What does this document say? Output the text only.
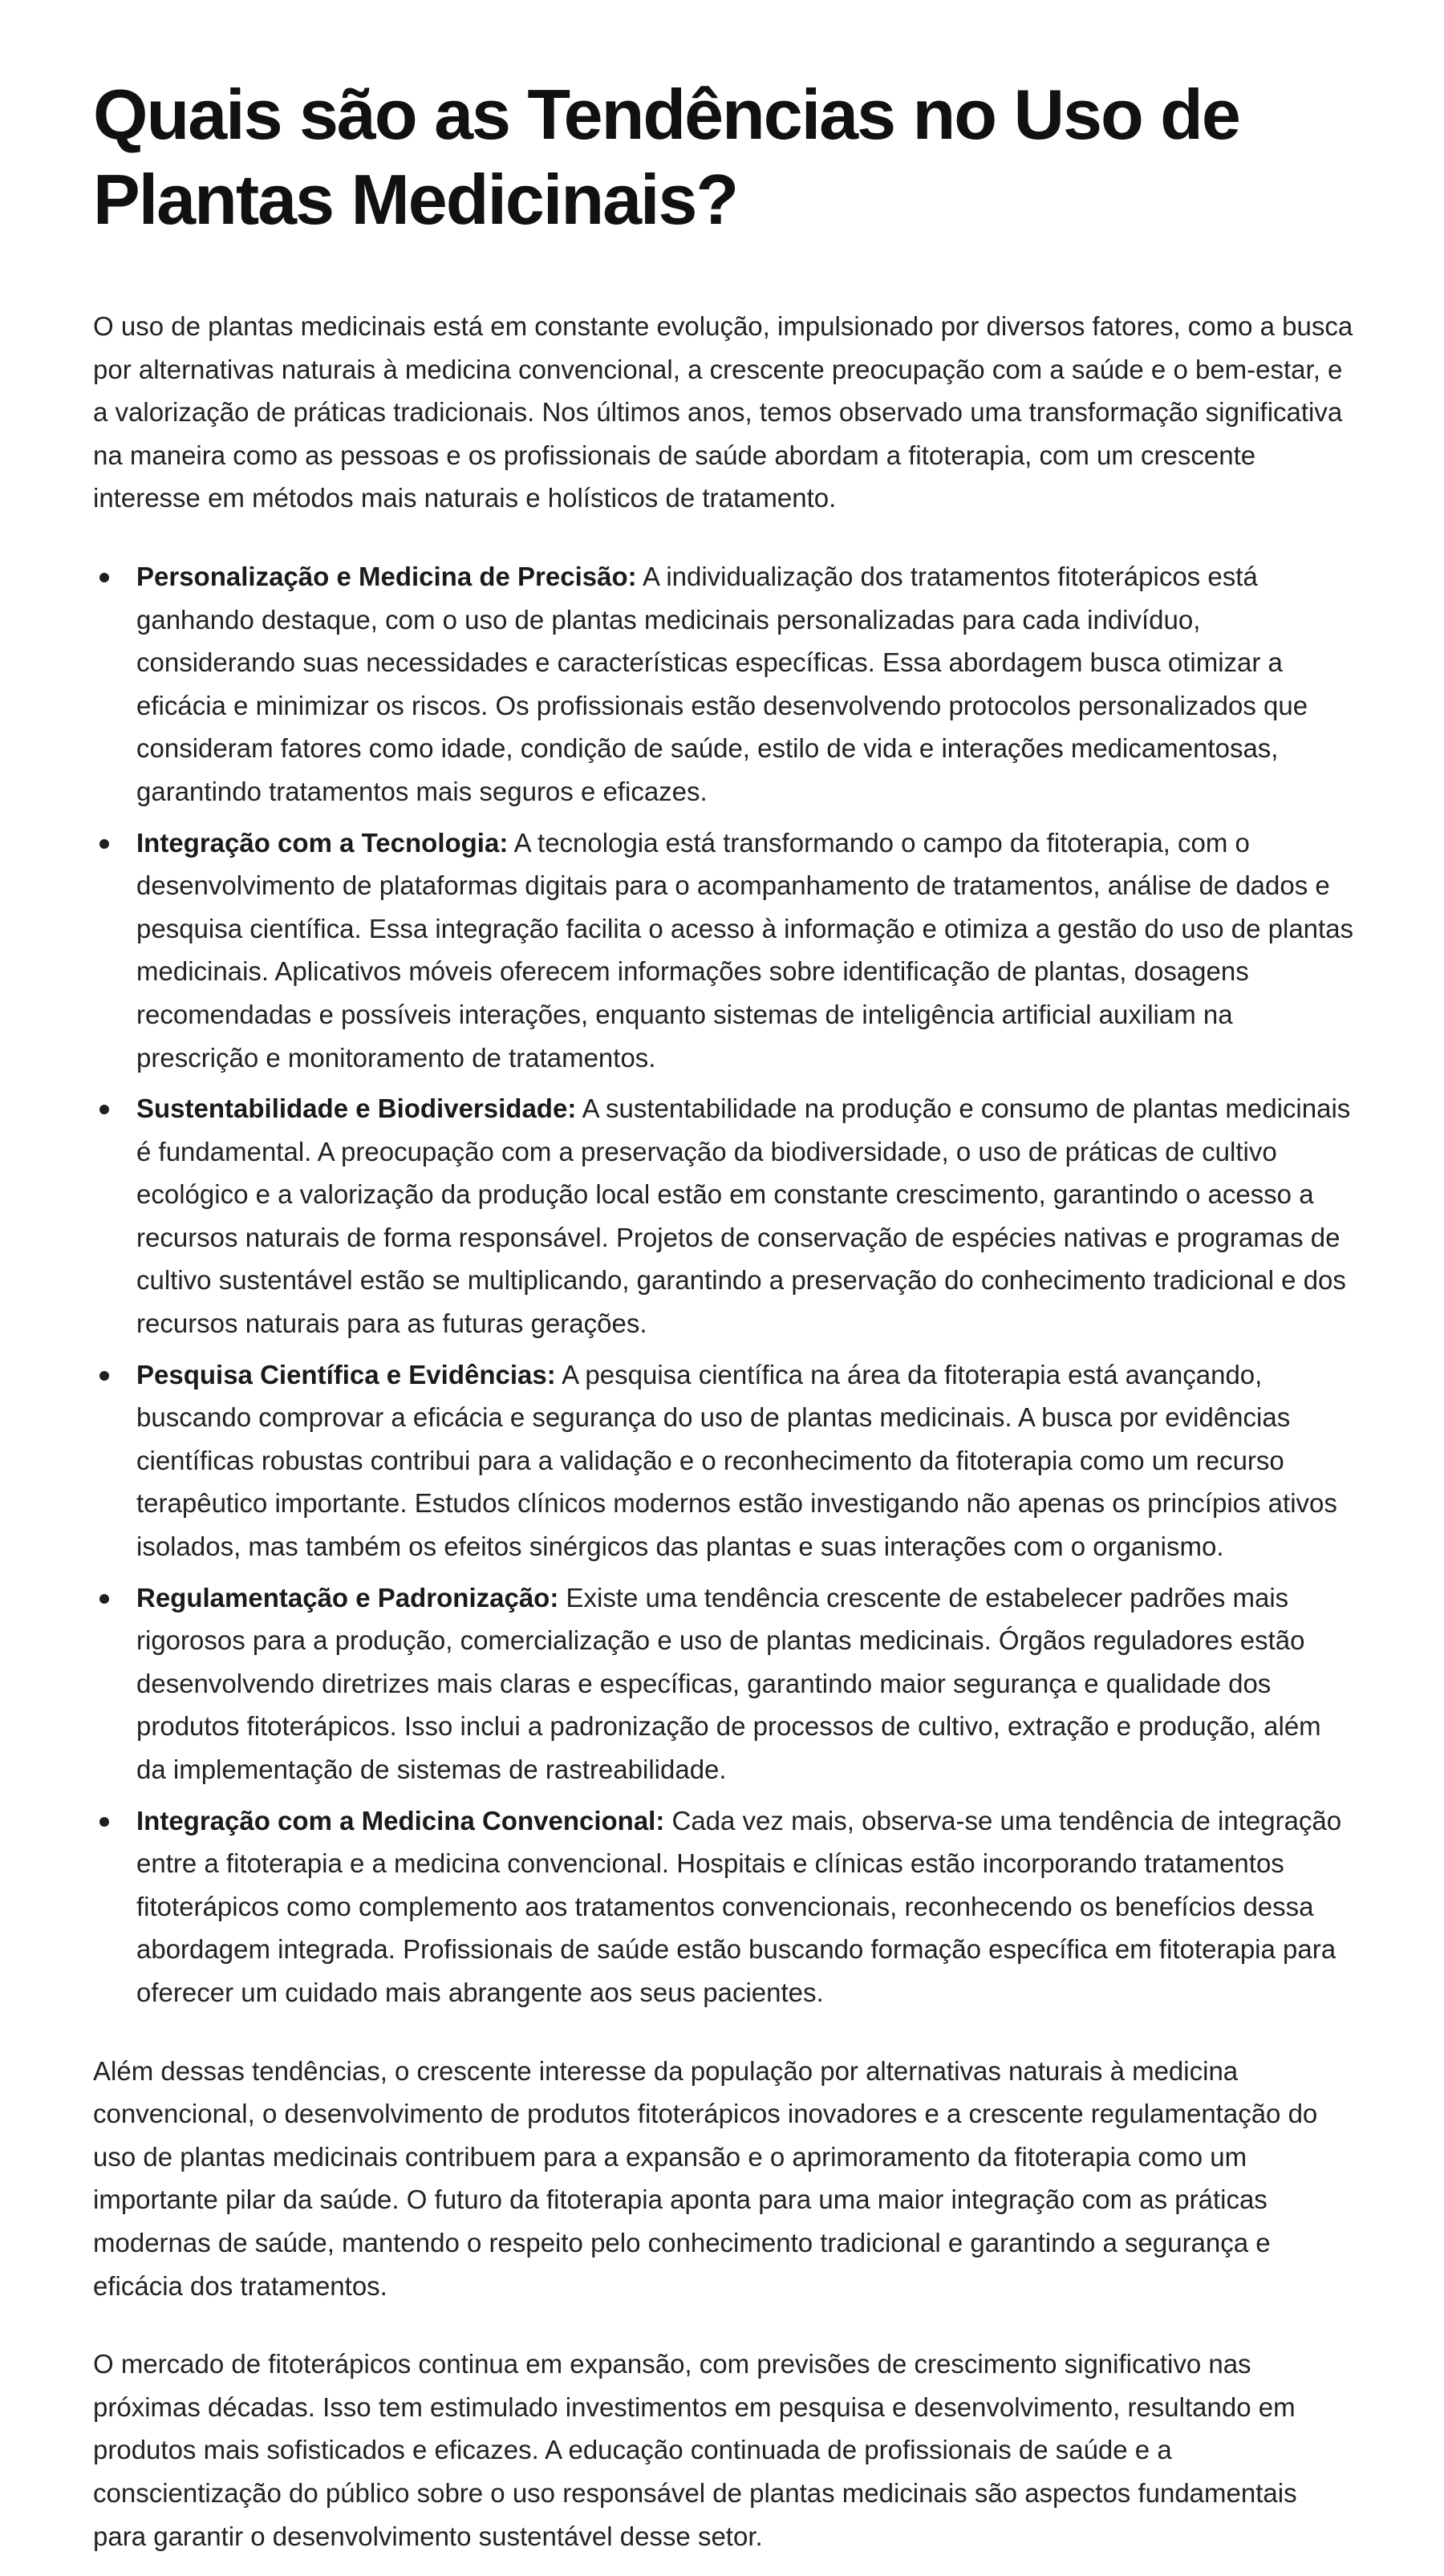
Quais são as Tendências no Uso de Plantas Medicinais?

O uso de plantas medicinais está em constante evolução, impulsionado por diversos fatores, como a busca por alternativas naturais à medicina convencional, a crescente preocupação com a saúde e o bem-estar, e a valorização de práticas tradicionais. Nos últimos anos, temos observado uma transformação significativa na maneira como as pessoas e os profissionais de saúde abordam a fitoterapia, com um crescente interesse em métodos mais naturais e holísticos de tratamento.

Personalização e Medicina de Precisão: A individualização dos tratamentos fitoterápicos está ganhando destaque, com o uso de plantas medicinais personalizadas para cada indivíduo, considerando suas necessidades e características específicas. Essa abordagem busca otimizar a eficácia e minimizar os riscos. Os profissionais estão desenvolvendo protocolos personalizados que consideram fatores como idade, condição de saúde, estilo de vida e interações medicamentosas, garantindo tratamentos mais seguros e eficazes.
Integração com a Tecnologia: A tecnologia está transformando o campo da fitoterapia, com o desenvolvimento de plataformas digitais para o acompanhamento de tratamentos, análise de dados e pesquisa científica. Essa integração facilita o acesso à informação e otimiza a gestão do uso de plantas medicinais. Aplicativos móveis oferecem informações sobre identificação de plantas, dosagens recomendadas e possíveis interações, enquanto sistemas de inteligência artificial auxiliam na prescrição e monitoramento de tratamentos.
Sustentabilidade e Biodiversidade: A sustentabilidade na produção e consumo de plantas medicinais é fundamental. A preocupação com a preservação da biodiversidade, o uso de práticas de cultivo ecológico e a valorização da produção local estão em constante crescimento, garantindo o acesso a recursos naturais de forma responsável. Projetos de conservação de espécies nativas e programas de cultivo sustentável estão se multiplicando, garantindo a preservação do conhecimento tradicional e dos recursos naturais para as futuras gerações.
Pesquisa Científica e Evidências: A pesquisa científica na área da fitoterapia está avançando, buscando comprovar a eficácia e segurança do uso de plantas medicinais. A busca por evidências científicas robustas contribui para a validação e o reconhecimento da fitoterapia como um recurso terapêutico importante. Estudos clínicos modernos estão investigando não apenas os princípios ativos isolados, mas também os efeitos sinérgicos das plantas e suas interações com o organismo.
Regulamentação e Padronização: Existe uma tendência crescente de estabelecer padrões mais rigorosos para a produção, comercialização e uso de plantas medicinais. Órgãos reguladores estão desenvolvendo diretrizes mais claras e específicas, garantindo maior segurança e qualidade dos produtos fitoterápicos. Isso inclui a padronização de processos de cultivo, extração e produção, além da implementação de sistemas de rastreabilidade.
Integração com a Medicina Convencional: Cada vez mais, observa-se uma tendência de integração entre a fitoterapia e a medicina convencional. Hospitais e clínicas estão incorporando tratamentos fitoterápicos como complemento aos tratamentos convencionais, reconhecendo os benefícios dessa abordagem integrada. Profissionais de saúde estão buscando formação específica em fitoterapia para oferecer um cuidado mais abrangente aos seus pacientes.

Além dessas tendências, o crescente interesse da população por alternativas naturais à medicina convencional, o desenvolvimento de produtos fitoterápicos inovadores e a crescente regulamentação do uso de plantas medicinais contribuem para a expansão e o aprimoramento da fitoterapia como um importante pilar da saúde. O futuro da fitoterapia aponta para uma maior integração com as práticas modernas de saúde, mantendo o respeito pelo conhecimento tradicional e garantindo a segurança e eficácia dos tratamentos.

O mercado de fitoterápicos continua em expansão, com previsões de crescimento significativo nas próximas décadas. Isso tem estimulado investimentos em pesquisa e desenvolvimento, resultando em produtos mais sofisticados e eficazes. A educação continuada de profissionais de saúde e a conscientização do público sobre o uso responsável de plantas medicinais são aspectos fundamentais para garantir o desenvolvimento sustentável desse setor.
